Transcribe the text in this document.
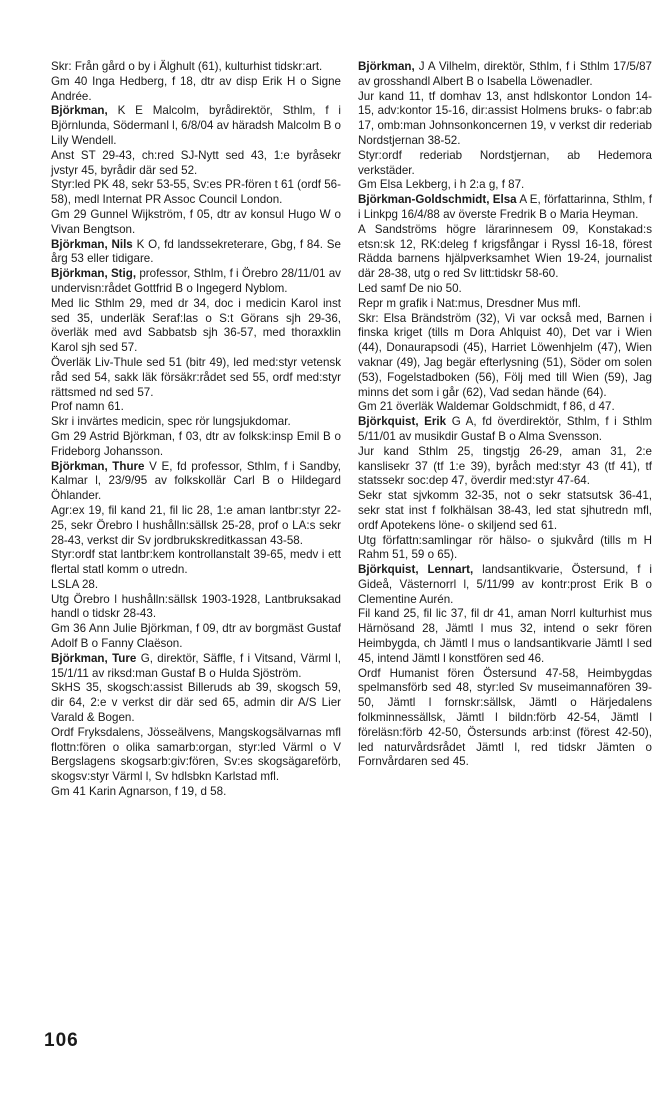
Skr: Från gård o by i Älghult (61), kulturhist tidskr:art.

Gm 40 Inga Hedberg, f 18, dtr av disp Erik H o Signe Andrée.

Björkman, K E Malcolm, byrådirektör, Sthlm, f i Björnlunda, Södermanl l, 6/8/04 av häradsh Malcolm B o Lily Wendell.

Anst ST 29-43, ch:red SJ-Nytt sed 43, 1:e byråsekr jvstyr 45, byrådir där sed 52.

Styr:led PK 48, sekr 53-55, Sv:es PR-fören t 61 (ordf 56-58), medl Internat PR Assoc Council London.

Gm 29 Gunnel Wijkström, f 05, dtr av konsul Hugo W o Vivan Bengtson.

Björkman, Nils K O, fd landssekreterare, Gbg, f 84. Se årg 53 eller tidigare.

Björkman, Stig, professor, Sthlm, f i Örebro 28/11/01 av undervisn:rådet Gottfrid B o Ingegerd Nyblom.

Med lic Sthlm 29, med dr 34, doc i medicin Karol inst sed 35, underläk Seraf:las o S:t Görans sjh 29-36, överläk med avd Sabbatsb sjh 36-57, med thoraxklin Karol sjh sed 57.

Överläk Liv-Thule sed 51 (bitr 49), led med:styr vetensk råd sed 54, sakk läk försäkr:rådet sed 55, ordf med:styr rättsmed nd sed 57.

Prof namn 61.

Skr i invärtes medicin, spec rör lungsjukdomar.

Gm 29 Astrid Björkman, f 03, dtr av folksk:insp Emil B o Frideborg Johansson.

Björkman, Thure V E, fd professor, Sthlm, f i Sandby, Kalmar l, 23/9/95 av folkskollär Carl B o Hildegard Öhlander.

Agr:ex 19, fil kand 21, fil lic 28, 1:e aman lantbr:styr 22-25, sekr Örebro l hushålln:sällsk 25-28, prof o LA:s sekr 28-43, verkst dir Sv jordbrukskreditkassan 43-58.

Styr:ordf stat lantbr:kem kontrollanstalt 39-65, medv i ett flertal statl komm o utredn.

LSLA 28.

Utg Örebro l hushålln:sällsk 1903-1928, Lantbruksakad handl o tidskr 28-43.

Gm 36 Ann Julie Björkman, f 09, dtr av borgmäst Gustaf Adolf B o Fanny Claëson.

Björkman, Ture G, direktör, Säffle, f i Vitsand, Värml l, 15/1/11 av riksd:man Gustaf B o Hulda Sjöström.

SkHS 35, skogsch:assist Billeruds ab 39, skogsch 59, dir 64, 2:e v verkst dir där sed 65, admin dir A/S Lier Varald & Bogen.

Ordf Fryksdalens, Jösseälvens, Mangskogsälvarnas mfl flottn:fören o olika samarb:organ, styr:led Värml o V Bergslagens skogsarb:giv:fören, Sv:es skogsägareförb, skogsv:styr Värml l, Sv hdlsbkn Karlstad mfl.

Gm 41 Karin Agnarson, f 19, d 58.

Björkman, J A Vilhelm, direktör, Sthlm, f i Sthlm 17/5/87 av grosshandl Albert B o Isabella Löwenadler.

Jur kand 11, tf domhav 13, anst hdlskontor London 14-15, adv:kontor 15-16, dir:assist Holmens bruks- o fabr:ab 17, omb:man Johnsonkoncernen 19, v verkst dir rederiab Nordstjernan 38-52.

Styr:ordf rederiab Nordstjernan, ab Hedemora verkstäder.

Gm Elsa Lekberg, i h 2:a g, f 87.

Björkman-Goldschmidt, Elsa A E, författarinna, Sthlm, f i Linkpg 16/4/88 av överste Fredrik B o Maria Heyman.

A Sandströms högre lärarinnesem 09, Konstakad:s etsn:sk 12, RK:deleg f krigsfångar i Ryssl 16-18, förest Rädda barnens hjälpverksamhet Wien 19-24, journalist där 28-38, utg o red Sv litt:tidskr 58-60.

Led samf De nio 50.

Repr m grafik i Nat:mus, Dresdner Mus mfl.

Skr: Elsa Brändström (32), Vi var också med, Barnen i finska kriget (tills m Dora Ahlquist 40), Det var i Wien (44), Donaurapsodi (45), Harriet Löwenhjelm (47), Wien vaknar (49), Jag begär efterlysning (51), Söder om solen (53), Fogelstadboken (56), Följ med till Wien (59), Jag minns det som i går (62), Vad sedan hände (64).

Gm 21 överläk Waldemar Goldschmidt, f 86, d 47.

Björkquist, Erik G A, fd överdirektör, Sthlm, f i Sthlm 5/11/01 av musikdir Gustaf B o Alma Svensson.

Jur kand Sthlm 25, tingstjg 26-29, aman 31, 2:e kanslisekr 37 (tf 1:e 39), byråch med:styr 43 (tf 41), tf statssekr soc:dep 47, överdir med:styr 47-64.

Sekr stat sjvkomm 32-35, not o sekr statsutsk 36-41, sekr stat inst f folkhälsan 38-43, led stat sjhutredn mfl, ordf Apotekens löne- o skiljend sed 61.

Utg författn:samlingar rör hälso- o sjukvård (tills m H Rahm 51, 59 o 65).

Björkquist, Lennart, landsantikvarie, Östersund, f i Gideå, Västernorrl l, 5/11/99 av kontr:prost Erik B o Clementine Aurén.

Fil kand 25, fil lic 37, fil dr 41, aman Norrl kulturhist mus Härnösand 28, Jämtl l mus 32, intend o sekr fören Heimbygda, ch Jämtl l mus o landsantikvarie Jämtl l sed 45, intend Jämtl l konstfören sed 46.

Ordf Humanist fören Östersund 47-58, Heimbygdas spelmansförb sed 48, styr:led Sv museimannafören 39-50, Jämtl l fornskr:sällsk, Jämtl o Härjedalens folkminnessällsk, Jämtl l bildn:förb 42-54, Jämtl l föreläsn:förb 42-50, Östersunds arb:inst (förest 42-50), led naturvårdsrådet Jämtl l, red tidskr Jämten o Fornvårdaren sed 45.

106
